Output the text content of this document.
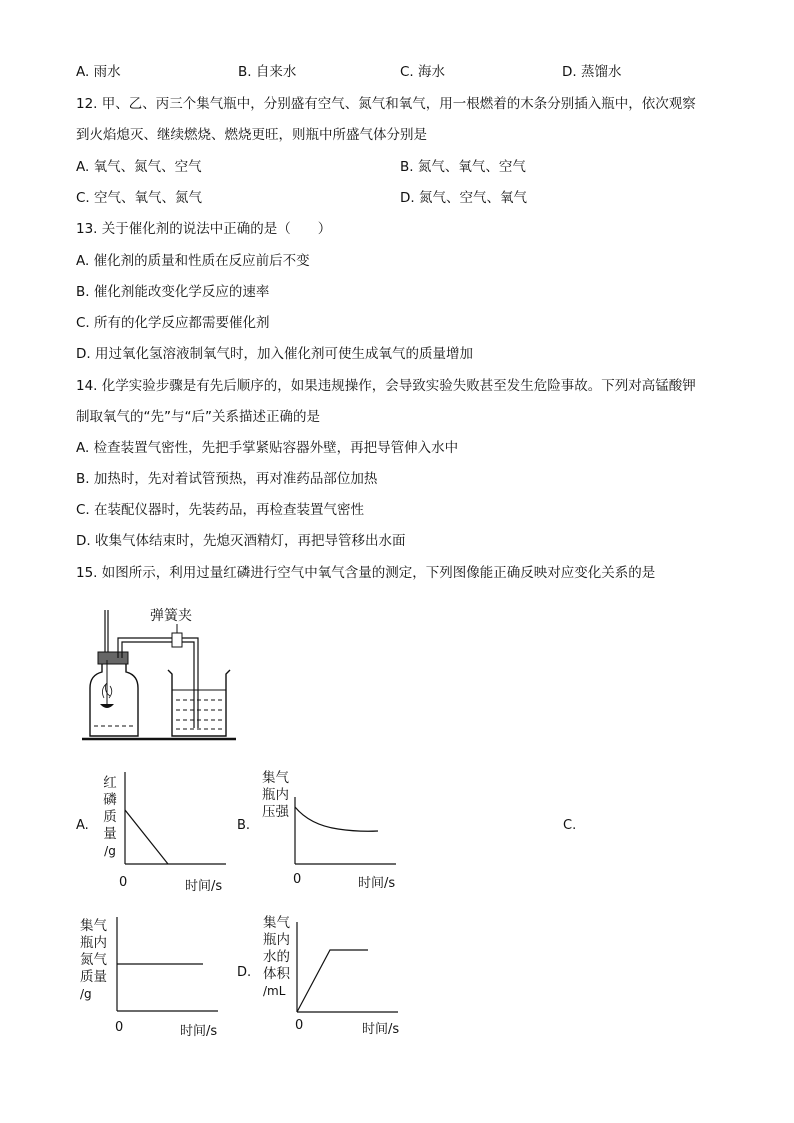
A. 雨水	B. 自来水	C. 海水	D. 蒸馏水
12. 甲、乙、丙三个集气瓶中，分别盛有空气、氮气和氧气，用一根燃着的木条分别插入瓶中，依次观察
到火焰熄灭、继续燃烧、燃烧更旺，则瓶中所盛气体分别是
A. 氧气、氮气、空气	B. 氮气、氧气、空气
C. 空气、氧气、氮气	D. 氮气、空气、氧气
13. 关于催化剂的说法中正确的是（　　）
A. 催化剂的质量和性质在反应前后不变
B. 催化剂能改变化学反应的速率
C. 所有的化学反应都需要催化剂
D. 用过氧化氢溶液制氧气时，加入催化剂可使生成氧气的质量增加
14. 化学实验步骤是有先后顺序的，如果违规操作，会导致实验失败甚至发生危险事故。下列对高锰酸钾
制取氧气的“先”与“后”关系描述正确的是
A. 检查装置气密性，先把手掌紧贴容器外壁，再把导管伸入水中
B. 加热时，先对着试管预热，再对准药品部位加热
C. 在装配仪器时，先装药品，再检查装置气密性
D. 收集气体结束时，先熄灭酒精灯，再把导管移出水面
15. 如图所示，利用过量红磷进行空气中氧气含量的测定，下列图像能正确反映对应变化关系的是
弹簧夹
A.
红
磷
质
量
/g
0	时间/s
B.
集气
瓶内
压强
0	时间/s
C.
集气
瓶内
氮气
质量
/g
0	时间/s
D.
集气
瓶内
水的
体积
/mL
0	时间/s
